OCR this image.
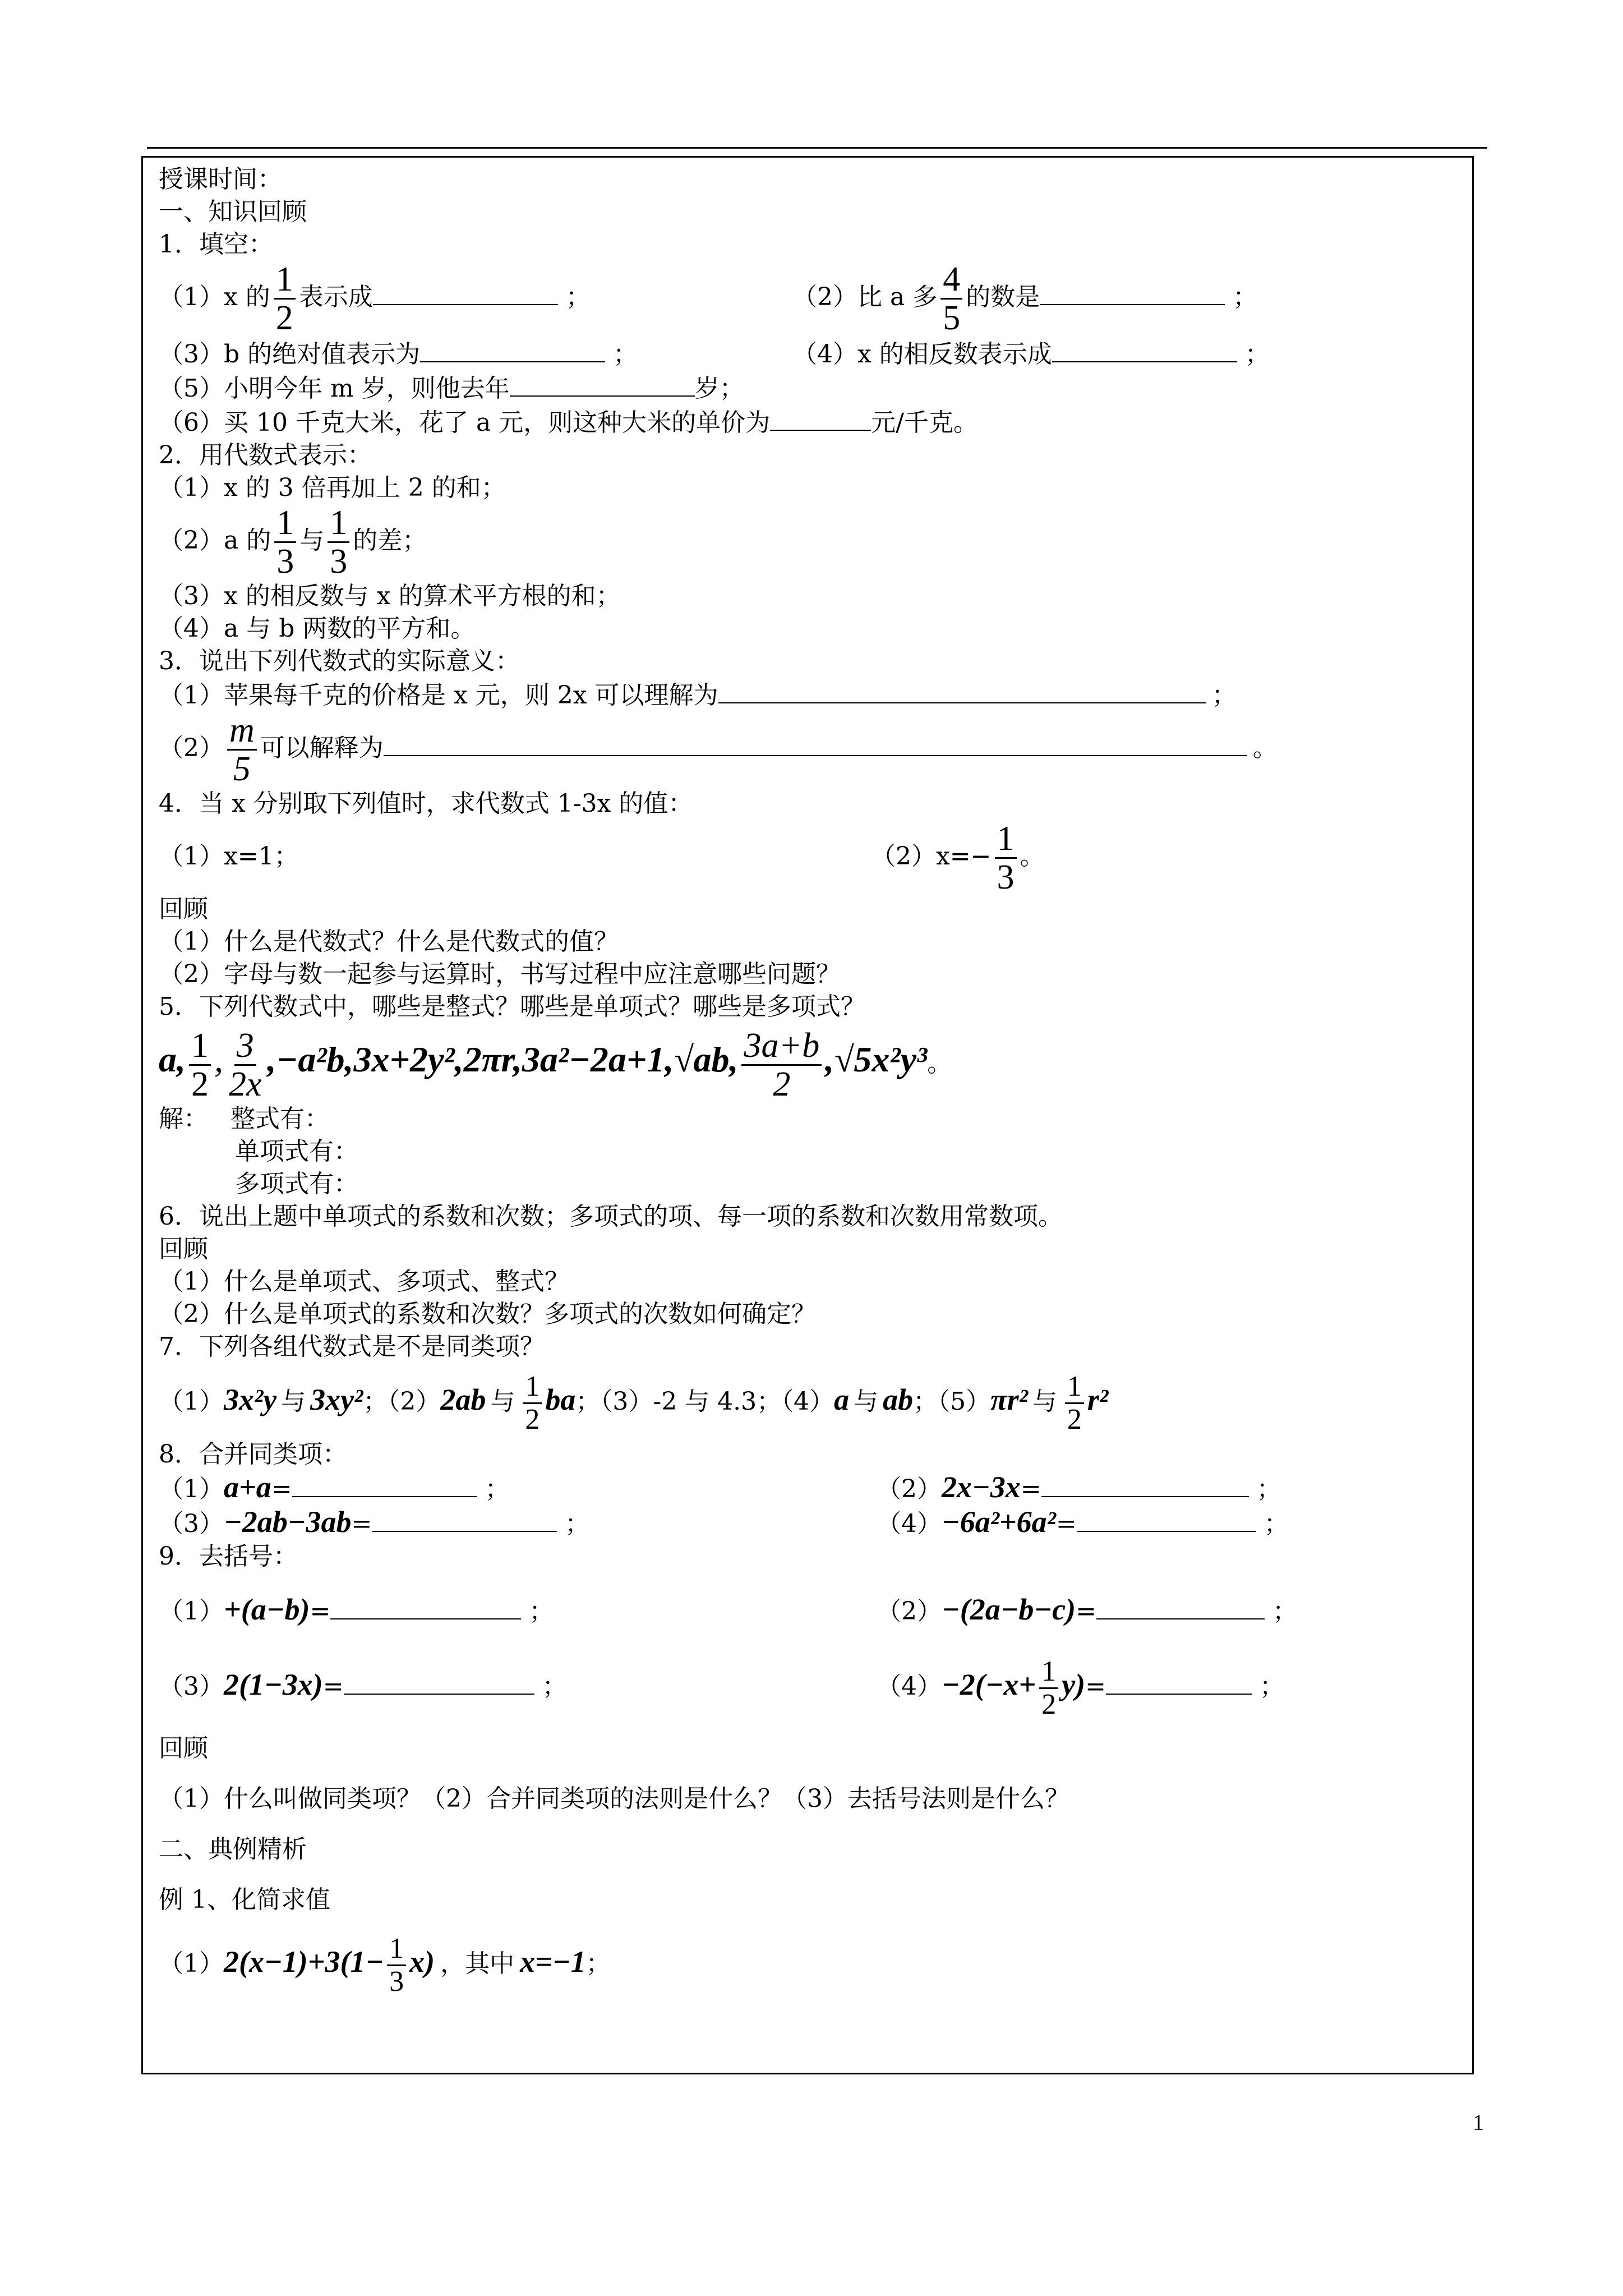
授课时间：
一、知识回顾
1．填空：
（1）x 的 $\frac{1}{2}$ 表示成	；	（2）比 a 多 $\frac{4}{5}$ 的数是	；
（3）b 的绝对值表示为	；	（4）x 的相反数表示成	；
（5）小明今年 m 岁，则他去年	岁；
（6）买 10 千克大米，花了 a 元，则这种大米的单价为	元/千克。
2．用代数式表示：
（1）x 的 3 倍再加上 2 的和；
（2）a 的 $\frac{1}{3}$ 与 $\frac{1}{3}$ 的差；
（3）x 的相反数与 x 的算术平方根的和；
（4）a 与 b 两数的平方和。
3．说出下列代数式的实际意义：
（1）苹果每千克的价格是 x 元，则 2x 可以理解为	；
$(2) \frac{m}{5}$ 可以解释为	。
4．当 x 分别取下列值时，求代数式 1-3x 的值：
（1）x=1；	$(2)x=- \frac{1}{3}$ 。
回顾
（1）什么是代数式？什么是代数式的值？
（2）字母与数一起参与运算时，书写过程中应注意哪些问题？
5．下列代数式中，哪些是整式？哪些是单项式？哪些是多项式？
a, $\frac{1}{2}$ , $\frac{3}{2x} ,-a^2b,3x+2y^2,2\pi r,3a^2-2a+1,√ab$, $\frac{3a+b}{2} ,√5x^2y^3$。
解： 整式有：
单项式有：
多项式有：
6．说出上题中单项式的系数和次数；多项式的项、每一项的系数和次数用常数项。
回顾
（1）什么是单项式、多项式、整式？
（2）什么是单项式的系数和次数？多项式的次数如何确定？
7．下列各组代数式是不是同类项？
（1）3x²y 与 3xy²；（2）2ab 与 $\frac{1}{2}$ ba；（3）-2 与 4.3；（4）a 与 ab；（5）πr² 与 $\frac{1}{2} r^2$
8．合并同类项：
（1）a+a=	；	（2）2x−3x=	；
（3）−2ab−3ab=	；	（4）−6a²+6a²=	；
9．去括号：
（1）+(a−b)=	；	（2）−(2a−b−c)=	；
（3）2(1−3x)=	；	$(4)-2(-x+ \frac{1}{2} y)=$	；
回顾
（1）什么叫做同类项？（2）合并同类项的法则是什么？（3）去括号法则是什么？
二、典例精析
例 1、化简求值
$(1)2(x-1)+3(1- \frac{1}{3} x)$ ，其中 x=−1；
1
